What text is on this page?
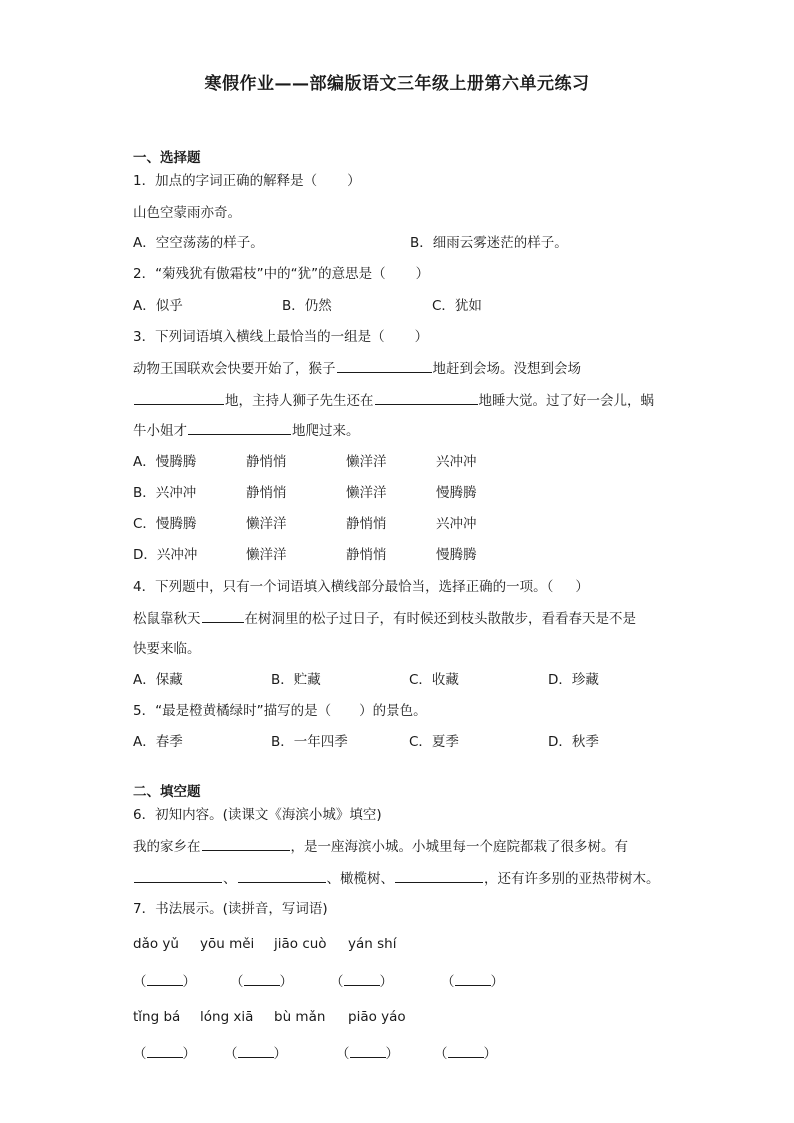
寒假作业——部编版语文三年级上册第六单元练习
一、选择题
1．加点的字词正确的解释是（ ）
山色空蒙雨亦奇。
A．空空荡荡的样子。	B．细雨云雾迷茫的样子。
2．“菊残犹有傲霜枝”中的“犹”的意思是（ ）
A．似乎	B．仍然	C．犹如
3．下列词语填入横线上最恰当的一组是（ ）
动物王国联欢会快要开始了，猴子	地赶到会场。没想到会场
地，主持人狮子先生还在	地睡大觉。过了好一会儿，蜗
牛小姐才	地爬过来。
A．慢腾腾	静悄悄	懒洋洋	兴冲冲
B．兴冲冲	静悄悄	懒洋洋	慢腾腾
C．慢腾腾	懒洋洋	静悄悄	兴冲冲
D．兴冲冲	懒洋洋	静悄悄	慢腾腾
4．下列题中，只有一个词语填入横线部分最恰当，选择正确的一项。（ ）
松鼠靠秋天	在树洞里的松子过日子，有时候还到枝头散散步，看看春天是不是
快要来临。
A．保藏	B．贮藏	C．收藏	D．珍藏
5．“最是橙黄橘绿时”描写的是（ ）的景色。
A．春季	B．一年四季	C．夏季	D．秋季
二、填空题
6．初知内容。(读课文《海滨小城》填空)
我的家乡在	，是一座海滨小城。小城里每一个庭院都栽了很多树。有
、	、橄榄树、	，还有许多别的亚热带树木。
7．书法展示。(读拼音，写词语)
dǎo yǔ yōu měi jiāo cuò yán shí
（	）	（	）	（	）	（	）
tǐng bá lóng xiā bù mǎn piāo yáo
（	） （	）	（	）	（	）
